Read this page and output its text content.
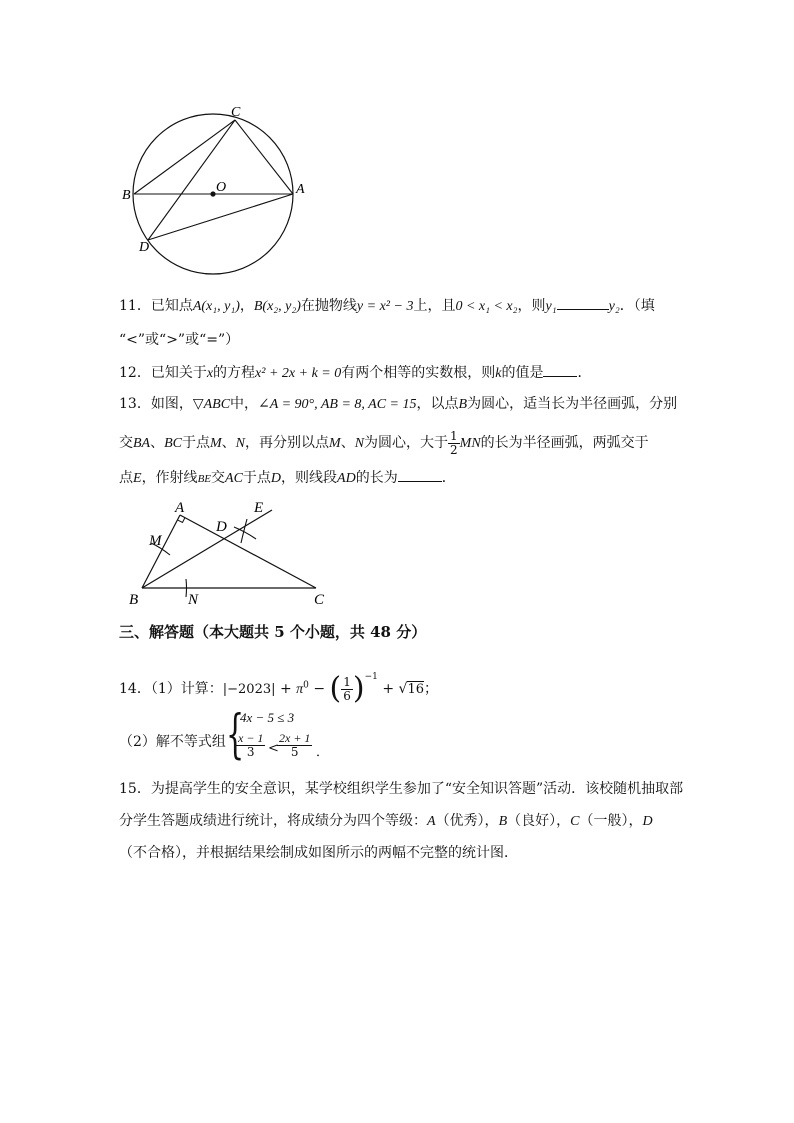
C
B
O	A
D
11．已知点A(x₁, y₁)，B(x₂, y₂)在抛物线y = x² − 3上，且0 < x₁ < x₂，则y₁	y₂．（填
“<”或“>”或“=”）
12．已知关于x的方程x² + 2x + k = 0有两个相等的实数根，则k的值是 ．
13．如图，▽ABC中，∠A = 90°, AB = 8, AC = 15，以点B为圆心，适当长为半径画弧，分别
交BA、BC于点M、N，再分别以点M、N为圆心，大于 $\frac{1}{2}$ MN的长为半径画弧，两弧交于
点E，作射线BE交AC于点D，则线段AD的长为	．
A
D
E
M
B	N	C
三、解答题（本大题共 5 个小题，共 48 分）
14．（1）计算：$|-2023| + \pi^0$ − ( $\frac{1}{6} )^{-1} + √16$；
（2）解不等式组 {
4x − 5 ≤ 3
$\frac{x - 1}{3}$ <
$\frac{2x + 1}{5}$ ．
15．为提高学生的安全意识，某学校组织学生参加了“安全知识答题”活动．该校随机抽取部
分学生答题成绩进行统计，将成绩分为四个等级：A（优秀），B（良好），C（一般），D
（不合格），并根据结果绘制成如图所示的两幅不完整的统计图．
